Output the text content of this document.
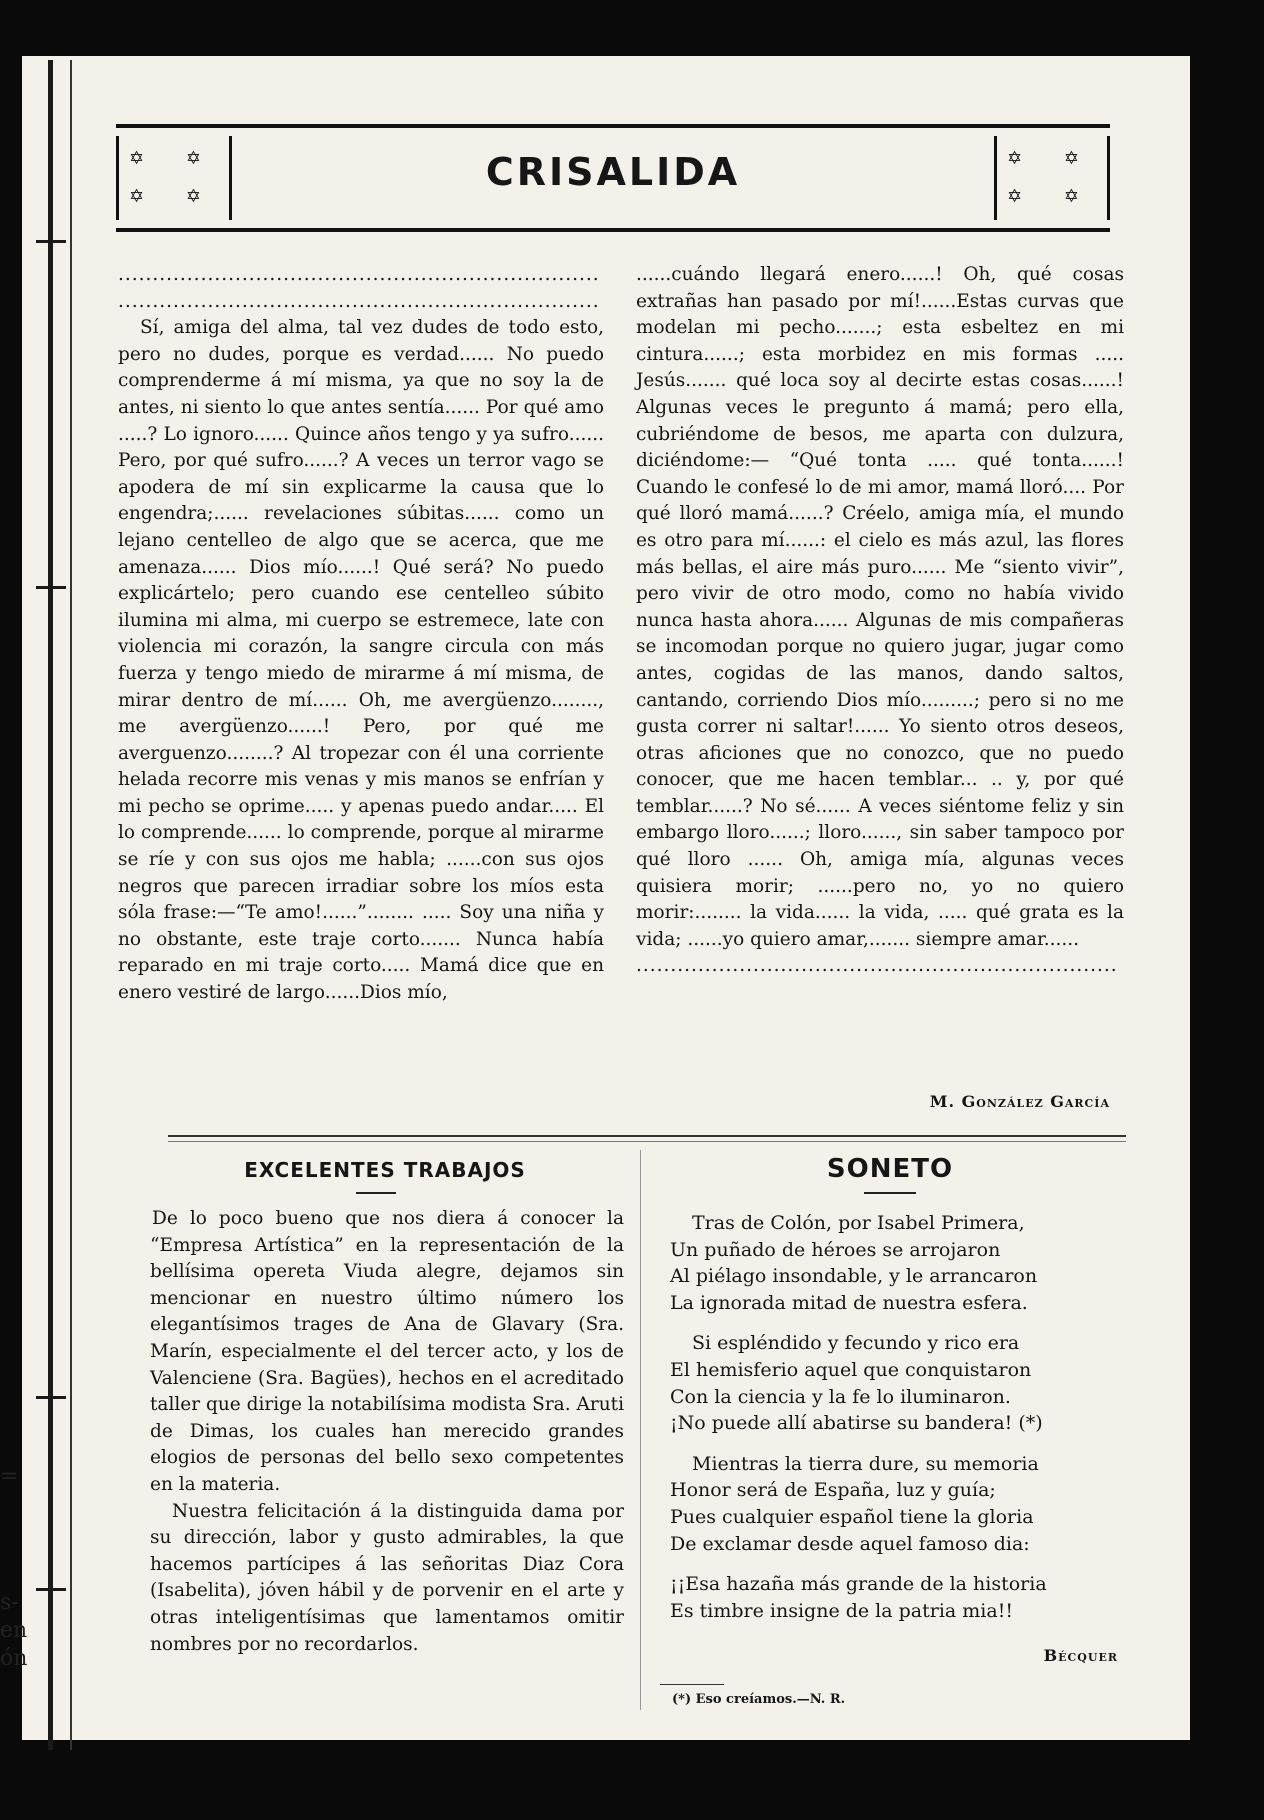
=
s-
en
ón
✡ ✡
✡ ✡
CRISALIDA	✡ ✡
✡ ✡

......................................................................

......................................................................

Sí, amiga del alma, tal vez dudes de todo esto, pero no dudes, porque es verdad...... No puedo comprenderme á mí misma, ya que no soy la de antes, ni siento lo que antes sentía...... Por qué amo .....? Lo ignoro...... Quince años tengo y ya sufro...... Pero, por qué sufro......? A veces un terror vago se apodera de mí sin explicarme la causa que lo engendra;...... revelaciones súbitas...... como un lejano centelleo de algo que se acerca, que me amenaza...... Dios mío......! Qué será? No puedo explicártelo; pero cuando ese centelleo súbito ilumina mi alma, mi cuerpo se estremece, late con violencia mi corazón, la sangre circula con más fuerza y tengo miedo de mirarme á mí misma, de mirar dentro de mí...... Oh, me avergüenzo........, me avergüenzo......! Pero, por qué me averguenzo........? Al tropezar con él una corriente helada recorre mis venas y mis manos se enfrían y mi pecho se oprime..... y apenas puedo andar..... El lo comprende...... lo comprende, porque al mirarme se ríe y con sus ojos me habla; ......con sus ojos negros que parecen irradiar sobre los míos esta sóla frase:—“Te amo!......”........ ..... Soy una niña y no obstante, este traje corto....... Nunca había reparado en mi traje corto..... Mamá dice que en enero vestiré de largo......Dios mío,

......cuándo llegará enero......! Oh, qué cosas extrañas han pasado por mí!......Estas curvas que modelan mi pecho.......; esta esbeltez en mi cintura......; esta morbidez en mis formas ..... Jesús....... qué loca soy al decirte estas cosas......! Algunas veces le pregunto á mamá; pero ella, cubriéndome de besos, me aparta con dulzura, diciéndome:— “Qué tonta ..... qué tonta......! Cuando le confesé lo de mi amor, mamá lloró.... Por qué lloró mamá......? Créelo, amiga mía, el mundo es otro para mí......: el cielo es más azul, las flores más bellas, el aire más puro...... Me “siento vivir”, pero vivir de otro modo, como no había vivido nunca hasta ahora...... Algunas de mis compañeras se incomodan porque no quiero jugar, jugar como antes, cogidas de las manos, dando saltos, cantando, corriendo Dios mío.........; pero si no me gusta correr ni saltar!...... Yo siento otros deseos, otras aficiones que no conozco, que no puedo conocer, que me hacen temblar... .. y, por qué temblar......? No sé...... A veces siéntome feliz y sin embargo lloro......; lloro......, sin saber tampoco por qué lloro ...... Oh, amiga mía, algunas veces quisiera morir; ......pero no, yo no quiero morir:........ la vida...... la vida, ..... qué grata es la vida; ......yo quiero amar,....... siempre amar......

......................................................................

M. González García
EXCELENTES TRABAJOS

De lo poco bueno que nos diera á conocer la “Empresa Artística” en la representación de la bellísima opereta Viuda alegre, dejamos sin mencionar en nuestro último número los elegantísimos trages de Ana de Glavary (Sra. Marín, especialmente el del tercer acto, y los de Valenciene (Sra. Bagües), hechos en el acreditado taller que dirige la notabilísima modista Sra. Aruti de Dimas, los cuales han merecido grandes elogios de personas del bello sexo competentes en la materia.

Nuestra felicitación á la distinguida dama por su dirección, labor y gusto admirables, la que hacemos partícipes á las señoritas Diaz Cora (Isabelita), jóven hábil y de porvenir en el arte y otras inteligentísimas que lamentamos omitir nombres por no recordarlos.

SONETO
Tras de Colón, por Isabel Primera,
Un puñado de héroes se arrojaron
Al piélago insondable, y le arrancaron
La ignorada mitad de nuestra esfera.
Si espléndido y fecundo y rico era
El hemisferio aquel que conquistaron
Con la ciencia y la fe lo iluminaron.
¡No puede allí abatirse su bandera! (*)
Mientras la tierra dure, su memoria
Honor será de España, luz y guía;
Pues cualquier español tiene la gloria
De exclamar desde aquel famoso dia:
¡¡Esa hazaña más grande de la historia
Es timbre insigne de la patria mia!!
Bécquer
(*) Eso creíamos.—N. R.
